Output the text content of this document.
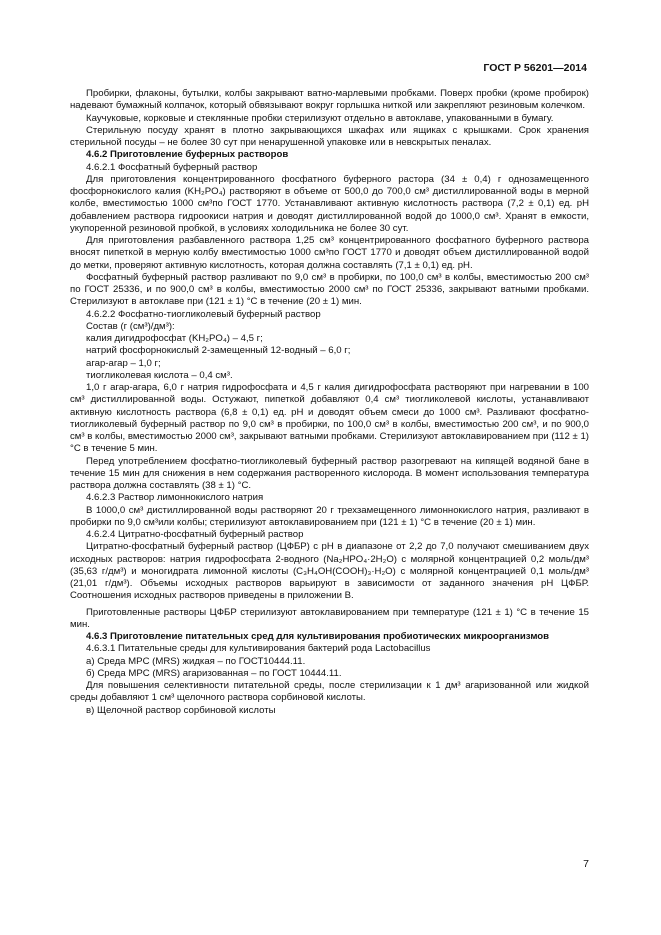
ГОСТ Р 56201—2014

Пробирки, флаконы, бутылки, колбы закрывают ватно-марлевыми пробками. Поверх пробки (кроме пробирок) надевают бумажный колпачок, который обвязывают вокруг горлышка ниткой или закрепляют резиновым колечком.

Каучуковые, корковые и стеклянные пробки стерилизуют отдельно в автоклаве, упакованными в бумагу.

Стерильную посуду хранят в плотно закрывающихся шкафах или ящиках с крышками. Срок хранения стерильной посуды – не более 30 сут при ненарушенной упаковке или в невскрытых пеналах.

4.6.2 Приготовление буферных растворов

4.6.2.1 Фосфатный буферный раствор

Для приготовления концентрированного фосфатного буферного растора (34 ± 0,4) г однозамещенного фосфорнокислого калия (KH₂PO₄) растворяют в объеме от 500,0 до 700,0 см³ дистиллированной воды в мерной колбе, вместимостью 1000 см³по ГОСТ 1770. Устанавливают активную кислотность раствора (7,2 ± 0,1) ед. pH добавлением раствора гидроокиси натрия и доводят дистиллированной водой до 1000,0 см³. Хранят в емкости, укупоренной резиновой пробкой, в условиях холодильника не более 30 сут.

Для приготовления разбавленного раствора 1,25 см³ концентрированного фосфатного буферного раствора вносят пипеткой в мерную колбу вместимостью 1000 см³по ГОСТ 1770 и доводят объем дистиллированной водой до метки, проверяют активную кислотность, которая должна составлять (7,1 ± 0,1) ед. pH.

Фосфатный буферный раствор разливают по 9,0 см³ в пробирки, по 100,0 см³ в колбы, вместимостью 200 см³ по ГОСТ 25336, и по 900,0 см³ в колбы, вместимостью 2000 см³ по ГОСТ 25336, закрывают ватными пробками. Стерилизуют в автоклаве при (121 ± 1) °С в течение (20 ± 1) мин.

4.6.2.2 Фосфатно-тиогликолевый буферный раствор

Состав (г (см³)/дм³):

калия дигидрофосфат (KH₂PO₄) – 4,5 г;

натрий фосфорнокислый 2-замещенный 12-водный – 6,0 г;

агар-агар – 1,0 г;

тиогликолевая кислота – 0,4 см³.

1,0 г агар-агара, 6,0 г натрия гидрофосфата и 4,5 г калия дигидрофосфата растворяют при нагревании в 100 см³ дистиллированной воды. Остужают, пипеткой добавляют 0,4 см³ тиогликолевой кислоты, устанавливают активную кислотность раствора (6,8 ± 0,1) ед. pH и доводят объем смеси до 1000 см³. Разливают фосфатно-тиогликолевый буферный раствор по 9,0 см³ в пробирки, по 100,0 см³ в колбы, вместимостью 200 см³, и по 900,0 см³ в колбы, вместимостью 2000 см³, закрывают ватными пробками. Стерилизуют автоклавированием при (112 ± 1) °С в течение 5 мин.

Перед употреблением фосфатно-тиогликолевый буферный раствор разогревают на кипящей водяной бане в течение 15 мин для снижения в нем содержания растворенного кислорода. В момент использования температура раствора должна составлять (38 ± 1) °С.

4.6.2.3 Раствор лимоннокислого натрия

В 1000,0 см³ дистиллированной воды растворяют 20 г трехзамещенного лимоннокислого натрия, разливают в пробирки по 9,0 см³или колбы; стерилизуют автоклавированием при (121 ± 1) °С в течение (20 ± 1) мин.

4.6.2.4 Цитратно-фосфатный буферный раствор

Цитратно-фосфатный буферный раствор (ЦФБР) с рН в диапазоне от 2,2 до 7,0 получают смешиванием двух исходных растворов: натрия гидрофосфата 2-водного (Na₂HPO₄·2H₂O) с молярной концентрацией 0,2 моль/дм³ (35,63 г/дм³) и моногидрата лимонной кислоты (C₃H₄OH(COOH)₃·H₂O) с молярной концентрацией 0,1 моль/дм³ (21,01 г/дм³). Объемы исходных растворов варьируют в зависимости от заданного значения рН ЦФБР. Соотношения исходных растворов приведены в приложении В.

Приготовленные растворы ЦФБР стерилизуют автоклавированием при температуре (121 ± 1) °С в течение 15 мин.

4.6.3 Приготовление питательных сред для культивирования пробиотических микроорганизмов

4.6.3.1 Питательные среды для культивирования бактерий рода Lactobacillus

а) Среда MPC (MRS) жидкая – по ГОСТ10444.11.

б) Среда MPC (MRS) агаризованная – по ГОСТ 10444.11.

Для повышения селективности питательной среды, после стерилизации к 1 дм³ агаризованной или жидкой среды добавляют 1 см³ щелочного раствора сорбиновой кислоты.

в) Щелочной раствор сорбиновой кислоты

7
